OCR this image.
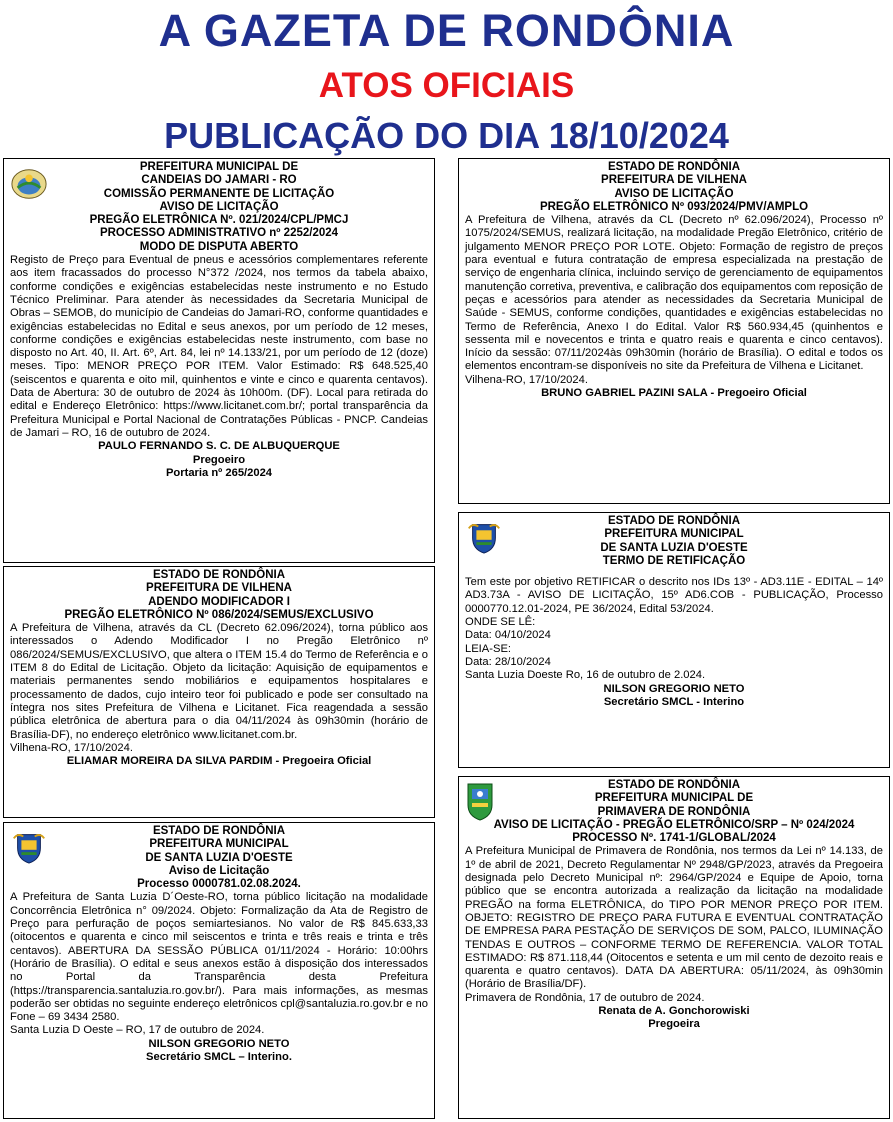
A GAZETA DE RONDÔNIA
ATOS OFICIAIS
PUBLICAÇÃO DO DIA 18/10/2024
PREFEITURA MUNICIPAL DE
CANDEIAS DO JAMARI - RO
COMISSÃO PERMANENTE DE LICITAÇÃO
AVISO DE LICITAÇÃO
PREGÃO ELETRÔNICA Nº. 021/2024/CPL/PMCJ
PROCESSO ADMINISTRATIVO nº 2252/2024
MODO DE DISPUTA ABERTO
Registo de Preço para Eventual de pneus e acessórios complementares referente aos item fracassados do processo N°372 /2024, nos termos da tabela abaixo, conforme condições e exigências estabelecidas neste instrumento e no Estudo Técnico Preliminar. Para atender às necessidades da Secretaria Municipal de Obras – SEMOB, do município de Candeias do Jamari-RO, conforme quantidades e exigências estabelecidas no Edital e seus anexos, por um período de 12 meses, conforme condições e exigências estabelecidas neste instrumento, com base no disposto no Art. 40, II. Art. 6º, Art. 84, lei nº 14.133/21, por um período de 12 (doze) meses. Tipo: MENOR PREÇO POR ITEM. Valor Estimado: R$ 648.525,40 (seiscentos e quarenta e oito mil, quinhentos e vinte e cinco e quarenta centavos). Data de Abertura: 30 de outubro de 2024 às 10h00m. (DF). Local para retirada do edital e Endereço Eletrônico: https://www.licitanet.com.br/; portal transparência da Prefeitura Municipal e Portal Nacional de Contratações Públicas - PNCP. Candeias de Jamari – RO, 16 de outubro de 2024.
PAULO FERNANDO S. C. DE ALBUQUERQUE
Pregoeiro
Portaria nº 265/2024
ESTADO DE RONDÔNIA
PREFEITURA DE VILHENA
ADENDO MODIFICADOR I
PREGÃO ELETRÔNICO Nº 086/2024/SEMUS/EXCLUSIVO
A Prefeitura de Vilhena, através da CL (Decreto 62.096/2024), torna público aos interessados o Adendo Modificador I no Pregão Eletrônico nº 086/2024/SEMUS/EXCLUSIVO, que altera o ITEM 15.4 do Termo de Referência e o ITEM 8 do Edital de Licitação. Objeto da licitação: Aquisição de equipamentos e materiais permanentes sendo mobiliários e equipamentos hospitalares e processamento de dados, cujo inteiro teor foi publicado e pode ser consultado na íntegra nos sites Prefeitura de Vilhena e Licitanet. Fica reagendada a sessão pública eletrônica de abertura para o dia 04/11/2024 às 09h30min (horário de Brasília-DF), no endereço eletrônico www.licitanet.com.br.
Vilhena-RO, 17/10/2024.
ELIAMAR MOREIRA DA SILVA PARDIM - Pregoeira Oficial
ESTADO DE RONDÔNIA
PREFEITURA MUNICIPAL
DE SANTA LUZIA D'OESTE
Aviso de Licitação
Processo 0000781.02.08.2024.
A Prefeitura de Santa Luzia D´Oeste-RO, torna público licitação na modalidade Concorrência Eletrônica n° 09/2024. Objeto: Formalização da Ata de Registro de Preço para perfuração de poços semiartesianos. No valor de R$ 845.633,33 (oitocentos e quarenta e cinco mil seiscentos e trinta e três reais e trinta e três centavos). ABERTURA DA SESSÃO PÚBLICA 01/11/2024 - Horário: 10:00hrs (Horário de Brasília). O edital e seus anexos estão à disposição dos interessados no Portal da Transparência desta Prefeitura (https://transparencia.santaluzia.ro.gov.br/). Para mais informações, as mesmas poderão ser obtidas no seguinte endereço eletrônicos cpl@santaluzia.ro.gov.br e no Fone – 69 3434 2580.
Santa Luzia D Oeste – RO, 17 de outubro de 2024.
NILSON GREGORIO NETO
Secretário SMCL – Interino.
ESTADO DE RONDÔNIA
PREFEITURA DE VILHENA
AVISO DE LICITAÇÃO
PREGÃO ELETRÔNICO Nº 093/2024/PMV/AMPLO
A Prefeitura de Vilhena, através da CL (Decreto nº 62.096/2024), Processo nº 1075/2024/SEMUS, realizará licitação, na modalidade Pregão Eletrônico, critério de julgamento MENOR PREÇO POR LOTE. Objeto: Formação de registro de preços para eventual e futura contratação de empresa especializada na prestação de serviço de engenharia clínica, incluindo serviço de gerenciamento de equipamentos manutenção corretiva, preventiva, e calibração dos equipamentos com reposição de peças e acessórios para atender as necessidades da Secretaria Municipal de Saúde - SEMUS, conforme condições, quantidades e exigências estabelecidas no Termo de Referência, Anexo I do Edital. Valor R$ 560.934,45 (quinhentos e sessenta mil e novecentos e trinta e quatro reais e quarenta e cinco centavos). Início da sessão: 07/11/2024às 09h30min (horário de Brasília). O edital e todos os elementos encontram-se disponíveis no site da Prefeitura de Vilhena e Licitanet.
Vilhena-RO, 17/10/2024.
BRUNO GABRIEL PAZINI SALA - Pregoeiro Oficial
ESTADO DE RONDÔNIA
PREFEITURA MUNICIPAL
DE SANTA LUZIA D'OESTE
TERMO DE RETIFICAÇÃO
Tem este por objetivo RETIFICAR o descrito nos IDs 13º - AD3.11E - EDITAL – 14º AD3.73A - AVISO DE LICITAÇÃO, 15º AD6.COB - PUBLICAÇÃO, Processo 0000770.12.01-2024, PE 36/2024, Edital 53/2024.
ONDE SE LÊ:
Data: 04/10/2024
LEIA-SE:
Data: 28/10/2024
Santa Luzia Doeste Ro, 16 de outubro de 2.024.
NILSON GREGORIO NETO
Secretário SMCL - Interino
ESTADO DE RONDÔNIA
PREFEITURA MUNICIPAL DE
PRIMAVERA DE RONDÔNIA
AVISO DE LICITAÇÃO - PREGÃO ELETRÔNICO/SRP – Nº 024/2024
PROCESSO Nº. 1741-1/GLOBAL/2024
A Prefeitura Municipal de Primavera de Rondônia, nos termos da Lei nº 14.133, de 1º de abril de 2021, Decreto Regulamentar Nº 2948/GP/2023, através da Pregoeira designada pelo Decreto Municipal nº: 2964/GP/2024 e Equipe de Apoio, torna público que se encontra autorizada a realização da licitação na modalidade PREGÃO na forma ELETRÔNICA, do TIPO POR MENOR PREÇO POR ITEM. OBJETO: REGISTRO DE PREÇO PARA FUTURA E EVENTUAL CONTRATAÇÃO DE EMPRESA PARA PESTAÇÃO DE SERVIÇOS DE SOM, PALCO, ILUMINAÇÃO TENDAS E OUTROS – CONFORME TERMO DE REFERENCIA. VALOR TOTAL ESTIMADO: R$ 871.118,44 (Oitocentos e setenta e um mil cento de dezoito reais e quarenta e quatro centavos). DATA DA ABERTURA: 05/11/2024, às 09h30min (Horário de Brasília/DF).
Primavera de Rondônia, 17 de outubro de 2024.
Renata de A. Gonchorowiski
Pregoeira
